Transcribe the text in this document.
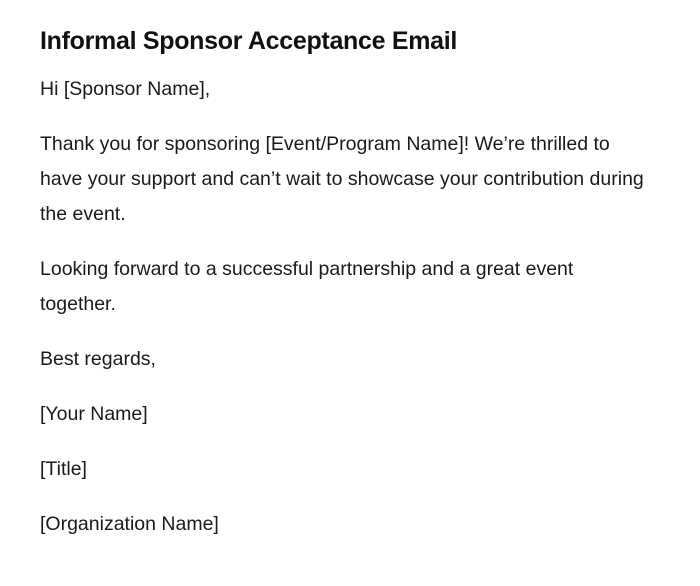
Informal Sponsor Acceptance Email

Hi [Sponsor Name],

Thank you for sponsoring [Event/Program Name]! We’re thrilled to have your support and can’t wait to showcase your contribution during the event.

Looking forward to a successful partnership and a great event together.

Best regards,

[Your Name]

[Title]

[Organization Name]
